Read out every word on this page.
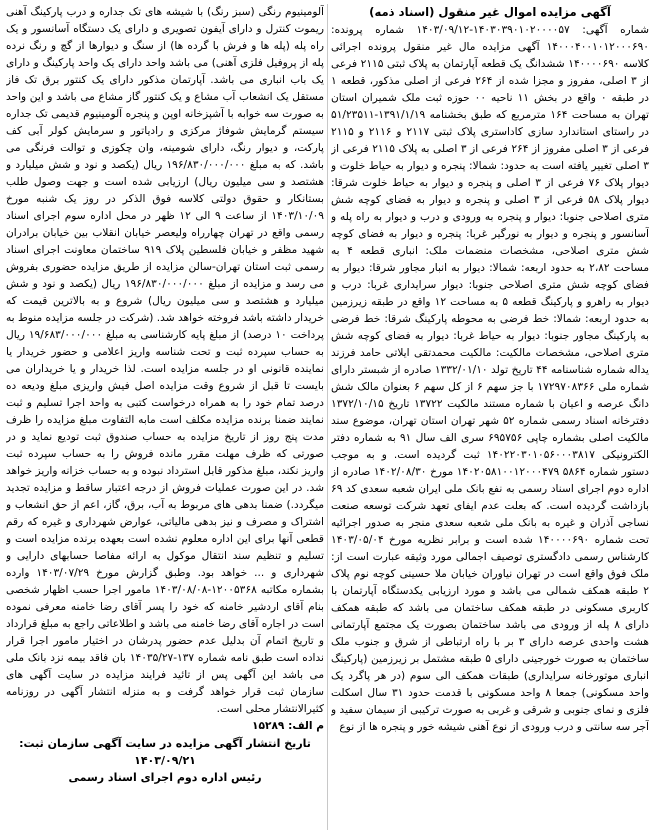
آگهی مزایده اموال غیر منقول (اسناد ذمه)

شماره آگهی: ۱۴۰۳۰۳۹۰۱۰۲۰۰۰۰۵۷-۱۴۰۳/۰۹/۱۲ شماره پرونده: ۱۴۰۰۰۴۰۰۱۰۱۲۰۰۰۶۹۰ آگهی مزایده مال غیر منقول پرونده اجرائی کلاسه ۱۴۰۰۰۰۶۹۰ ششدانگ یک قطعه آپارتمان به پلاک ثبتی ۲۱۱۵ فرعی از ۳ اصلی، مفروز و مجزا شده از ۲۶۴ فرعی از اصلی مذکور، قطعه ۱ در طبقه ۰ واقع در بخش ۱۱ ناحیه ۰۰ حوزه ثبت ملک شمیران استان تهران به مساحت ۱۶۴ مترمربع که طبق بخشنامه ۱۳۹۱/۱/۱۹-۵۱/۲۳۵۱۱ در راستای استاندارد سازی کاداستری پلاک ثبتی ۲۱۱۷ و ۲۱۱۶ و ۲۱۱۵ فرعی از ۳ اصلی مفروز از ۲۶۴ فرعی از ۳ اصلی به پلاک ۲۱۱۵ فرعی از ۳ اصلی تغییر یافته است به حدود: شمالا: پنجره و دیوار به حیاط خلوت و دیوار پلاک ۷۶ فرعی از ۳ اصلی و پنجره و دیوار به حیاط خلوت شرقا: دیوار پلاک ۵۸ فرعی از ۳ اصلی و پنجره و دیوار به فضای کوچه شش متری اصلاحی جنوبا: دیوار و پنجره به ورودی و درب و دیوار به راه پله و آسانسور و پنجره و دیوار به نورگیر غربا: پنجره و دیوار به فضای کوچه شش متری اصلاحی، مشخصات منضمات ملک: انباری قطعه ۴ به مساحت ۲،۸۲ به حدود اربعه: شمالا: دیوار به انبار مجاور شرقا: دیوار به فضای کوچه شش متری اصلاحی جنوبا: دیوار سرایداری غربا: درب و دیوار به راهرو و پارکینگ قطعه ۵ به مساحت ۱۲ واقع در طبقه زیرزمین به حدود اربعه: شمالا: خط فرضی به محوطه پارکینگ شرقا: خط فرضی به پارکینگ مجاور جنوبا: دیوار به حیاط غربا: دیوار به فضای کوچه شش متری اصلاحی، مشخصات مالکیت: مالکیت محمدتقی ایلاتی حامد فرزند یداله شماره شناسنامه ۴۴ تاریخ تولد ۱۳۳۲/۰۱/۱۰ صادره از شبستر دارای شماره ملی ۱۷۲۹۷۰۸۳۶۶ با جز سهم ۶ از کل سهم ۶ بعنوان مالک شش دانگ عرصه و اعیان با شماره مستند مالکیت ۱۳۷۲۲ تاریخ ۱۳۷۲/۱۰/۱۵ دفترخانه اسناد رسمی شماره ۵۲ شهر تهران استان تهران، موضوع سند مالکیت اصلی بشماره چاپی ۶۹۵۷۵۶ سری الف سال ۹۱ به شماره دفتر الکترونیکی ۱۴۰۲۲۰۳۰۱۰۵۶۰۰۰۳۸۱۷ ثبت گردیده است. و به موجب دستور شماره ۵۸۶۴ ۱۴۰۲۰۵۸۱۰۰۱۲۰۰۰۴۷۹ مورخ ۱۴۰۲/۰۸/۳۰ صادره از اداره دوم اجرای اسناد رسمی به نفع بانک ملی ایران شعبه سعدی کد ۶۹ بازداشت گردیده است. که بعلت عدم ایفای تعهد شرکت توسعه صنعت نساجی آذران و غیره به بانک ملی شعبه سعدی منجر به صدور اجرائیه تحت شماره ۱۴۰۰۰۰۶۹۰ شده است و برابر نظریه مورخ ۱۴۰۳/۰۵/۰۴ کارشناس رسمی دادگستری توصیف اجمالی مورد وثیقه عبارت است از: ملک فوق واقع است در تهران نیاوران خیابان ملا حسینی کوچه نوم پلاک ۲ طبقه همکف شمالی می باشد و مورد ارزیابی یکدستگاه آپارتمان با کاربری مسکونی در طبقه همکف ساختمان می باشد که طبقه همکف دارای ۸ پله از ورودی می باشد ساختمان بصورت یک مجتمع آپارتمانی هشت واحدی عرصه دارای ۳ بر با راه ارتباطی از شرق و جنوب ملک ساختمان به صورت خورجینی دارای ۵ طبقه مشتمل بر زیرزمین (پارکینگ انباری موتورخانه سرایداری) طبقات همکف الی سوم (در هر پاگرد یک واحد مسکونی) جمعا ۸ واحد مسکونی با قدمت حدود ۳۱ سال اسکلت فلزی و نمای جنوبی و شرقی و غربی به صورت ترکیبی از سیمان سفید و آجر سه سانتی و درب ورودی از نوع آهنی شیشه خور و پنجره ها از نوع

آلومینیوم رنگی (سبز رنگ) با شیشه های تک جداره و درب پارکینگ آهنی ریموت کنترل و دارای آیفون تصویری و دارای یک دستگاه آسانسور و یک راه پله (پله ها و فرش با گرده ها) از سنگ و دیوارها از گچ و رنگ نرده پله از پروفیل فلزی آهنی) می باشد واحد دارای یک واحد پارکینگ و دارای یک باب انباری می باشد. آپارتمان مذکور دارای یک کنتور برق تک فاز مستقل یک انشعاب آب مشاع و یک کنتور گاز مشاع می باشد و این واحد به صورت سه خوابه با آشپزخانه اوپن و پنجره آلومینیوم قدیمی تک جداره سیستم گرمایش شوفاژ مرکزی و رادیاتور و سرمایش کولر آبی کف پارکت، و دیوار رنگ، دارای شومینه، وان چکوزی و توالت فرنگی می باشد. که به مبلغ ۱۹۶/۸۳۰/۰۰۰/۰۰۰ ریال (یکصد و نود و شش میلیارد و هشتصد و سی میلیون ریال) ارزیابی شده است و جهت وصول طلب بستانکار و حقوق دولتی کلاسه فوق الذکر در روز یک شنبه مورخ ۱۴۰۳/۱۰/۰۹ از ساعت ۹ الی ۱۲ ظهر در محل اداره سوم اجرای اسناد رسمی واقع در تهران چهارراه ولیعصر خیابان انقلاب بین خیابان برادران شهید مظفر و خیابان فلسطین پلاک ۹۱۹ ساختمان معاونت اجرای اسناد رسمی ثبت استان تهران-سالن مزایده از طریق مزایده حضوری بفروش می رسد و مزایده از مبلغ ۱۹۶/۸۳۰/۰۰۰/۰۰۰ ریال (یکصد و نود و شش میلیارد و هشتصد و سی میلیون ریال) شروع و به بالاترین قیمت که خریدار داشته باشد فروخته خواهد شد. (شرکت در جلسه مزایده منوط به پرداخت ۱۰ درصد) از مبلغ پایه کارشناسی به مبلغ ۱۹/۶۸۳/۰۰۰/۰۰۰ ریال به حساب سپرده ثبت و تحت شناسه واریز اعلامی و حضور خریدار یا نماینده قانونی او در جلسه مزایده است. لذا خریدار و یا خریداران می بایست تا قبل از شروع وقت مزایده اصل فیش واریزی مبلغ ودیعه ده درصد تمام خود را به همراه درخواست کتبی به واحد اجرا تسلیم و ثبت نمایند ضمنا برنده مزایده مکلف است مابه التفاوت مبلغ مزایده را ظرف مدت پنج روز از تاریخ مزایده به حساب صندوق ثبت تودیع نماید و در صورتی که ظرف مهلت مقرر مانده فروش را به حساب سپرده ثبت واریز نکند، مبلغ مذکور قابل استرداد نبوده و به حساب خزانه واریز خواهد شد. در این صورت عملیات فروش از درجه اعتبار ساقط و مزایده تجدید میگردد.) ضمنا بدهی های مربوط به آب، برق، گاز، اعم از حق انشعاب و اشتراک و مصرف و نیز بدهی مالیاتی، عوارض شهرداری و غیره که رقم قطعی آنها برای این اداره معلوم نشده است بعهده برنده مزایده است و تسلیم و تنظیم سند انتقال موکول به ارائه مفاصا حسابهای دارایی و شهرداری و ... خواهد بود. وطبق گزارش مورخ ۱۴۰۳/۰۷/۲۹ وارده بشماره مکاتبه ۱۲۰۰۵۳۶۸-۱۴۰۳/۰۸/۰۸ مامور اجرا حسب اظهار شخصی بنام آقای اردشیر خامنه که خود را پسر آقای رضا خامنه معرفی نموده است در اجاره آقای رضا خامنه می باشد و اطلاعاتی راجع به مبلغ قرارداد و تاریخ اتمام آن بدلیل عدم حضور پدرشان در اختیار مامور اجرا قرار نداده است طبق نامه شماره ۱۳۷-۱۴۰۳۵/۲۷ بان فاقد بیمه نزد بانک ملی می باشد این آگهی پس از تائید فرایند مزایده در سایت آگهی های سازمان ثبت قرار خواهد گرفت و به منزله انتشار آگهی در روزنامه کثیرالانتشار محلی است.

م الف: ۱۵۲۸۹

تاریخ انتشار آگهی مزایده در سایت آگهی سازمان ثبت: ۱۴۰۳/۰۹/۲۱

رئیس اداره دوم اجرای اسناد رسمی
